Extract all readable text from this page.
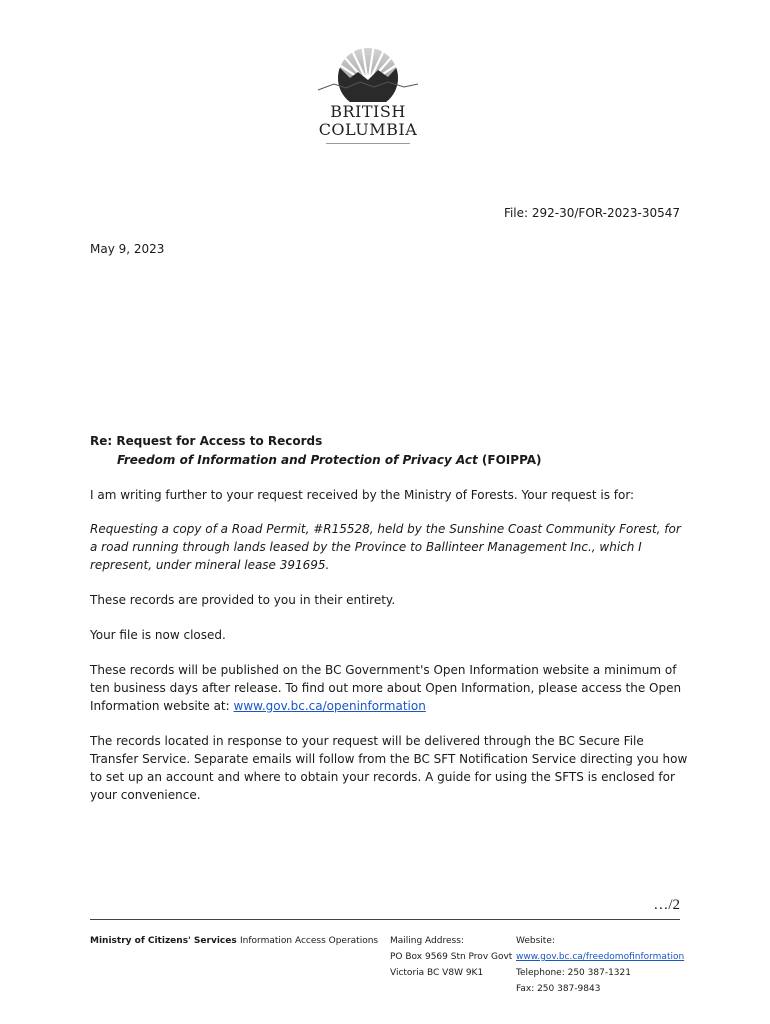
BRITISH
COLUMBIA
File: 292-30/FOR-2023-30547
May 9, 2023
Re: Request for Access to Records
Freedom of Information and Protection of Privacy Act (FOIPPA)
I am writing further to your request received by the Ministry of Forests. Your request is for:
Requesting a copy of a Road Permit, #R15528, held by the Sunshine Coast Community Forest, for a road running through lands leased by the Province to Ballinteer Management Inc., which I represent, under mineral lease 391695.
These records are provided to you in their entirety.
Your file is now closed.
These records will be published on the BC Government's Open Information website a minimum of ten business days after release. To find out more about Open Information, please access the Open Information website at: www.gov.bc.ca/openinformation
The records located in response to your request will be delivered through the BC Secure File Transfer Service. Separate emails will follow from the BC SFT Notification Service directing you how to set up an account and where to obtain your records. A guide for using the SFTS is enclosed for your convenience.
…/2
Ministry of Citizens' Services Information Access Operations Mailing Address:
PO Box 9569 Stn Prov Govt
Victoria BC V8W 9K1
Website:
www.gov.bc.ca/freedomofinformation
Telephone: 250 387-1321
Fax: 250 387-9843
